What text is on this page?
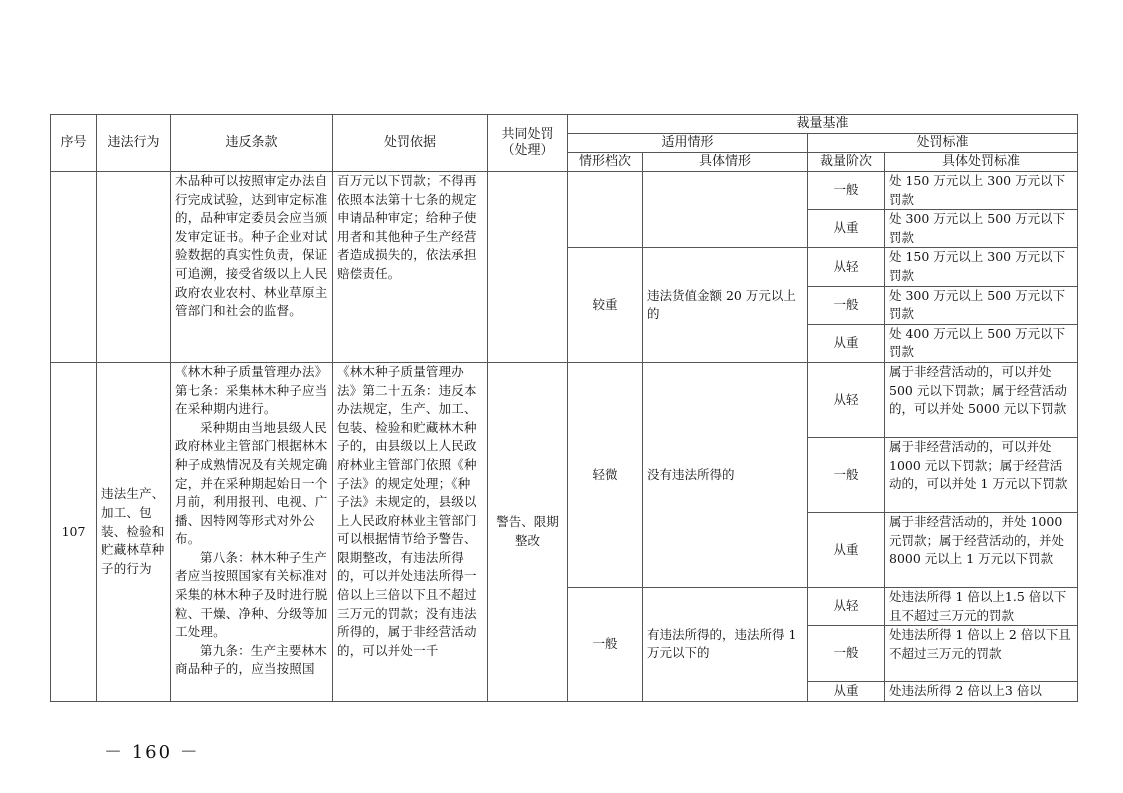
序号	违法行为	违反条款	处罚依据	共同处罚（处理）	裁量基准			
					适用情形		处罚标准	
					情形档次	具体情形	裁量阶次	具体处罚标准
		木品种可以按照审定办法自行完成试验，达到审定标准的，品种审定委员会应当颁发审定证书。种子企业对试验数据的真实性负责，保证可追溯，接受省级以上人民政府农业农村、林业草原主管部门和社会的监督。	百万元以下罚款；不得再依照本法第十七条的规定申请品种审定；给种子使用者和其他种子生产经营者造成损失的，依法承担赔偿责任。				一般	处 150 万元以上 300 万元以下罚款
							从重	处 300 万元以上 500 万元以下罚款
					较重	违法货值金额 20 万元以上的	从轻	处 150 万元以上 300 万元以下罚款
							一般	处 300 万元以上 500 万元以下罚款
							从重	处 400 万元以上 500 万元以下罚款
107	违法生产、加工、包装、检验和贮藏林草种子的行为	《林木种子质量管理办法》第七条：采集林木种子应当在采种期内进行。
采种期由当地县级人民政府林业主管部门根据林木种子成熟情况及有关规定确定，并在采种期起始日一个月前，利用报刊、电视、广播、因特网等形式对外公布。
第八条：林木种子生产者应当按照国家有关标准对采集的林木种子及时进行脱粒、干燥、净种、分级等加工处理。
第九条：生产主要林木商品种子的，应当按照国	《林木种子质量管理办法》第二十五条：违反本办法规定，生产、加工、包装、检验和贮藏林木种子的，由县级以上人民政府林业主管部门依照《种子法》的规定处理；《种子法》未规定的，县级以上人民政府林业主管部门可以根据情节给予警告、限期整改，有违法所得的，可以并处违法所得一倍以上三倍以下且不超过三万元的罚款；没有违法所得的，属于非经营活动的，可以并处一千	警告、限期整改	轻微	没有违法所得的	从轻	属于非经营活动的，可以并处 500 元以下罚款；属于经营活动的，可以并处 5000 元以下罚款
							一般	属于非经营活动的，可以并处 1000 元以下罚款；属于经营活动的，可以并处 1 万元以下罚款
							从重	属于非经营活动的，并处 1000 元罚款；属于经营活动的，并处 8000 元以上 1 万元以下罚款
					一般	有违法所得的，违法所得 1 万元以下的	从轻	处违法所得 1 倍以上1.5 倍以下且不超过三万元的罚款
							一般	处违法所得 1 倍以上 2 倍以下且不超过三万元的罚款
							从重	处违法所得 2 倍以上3 倍以
－ 160 －
